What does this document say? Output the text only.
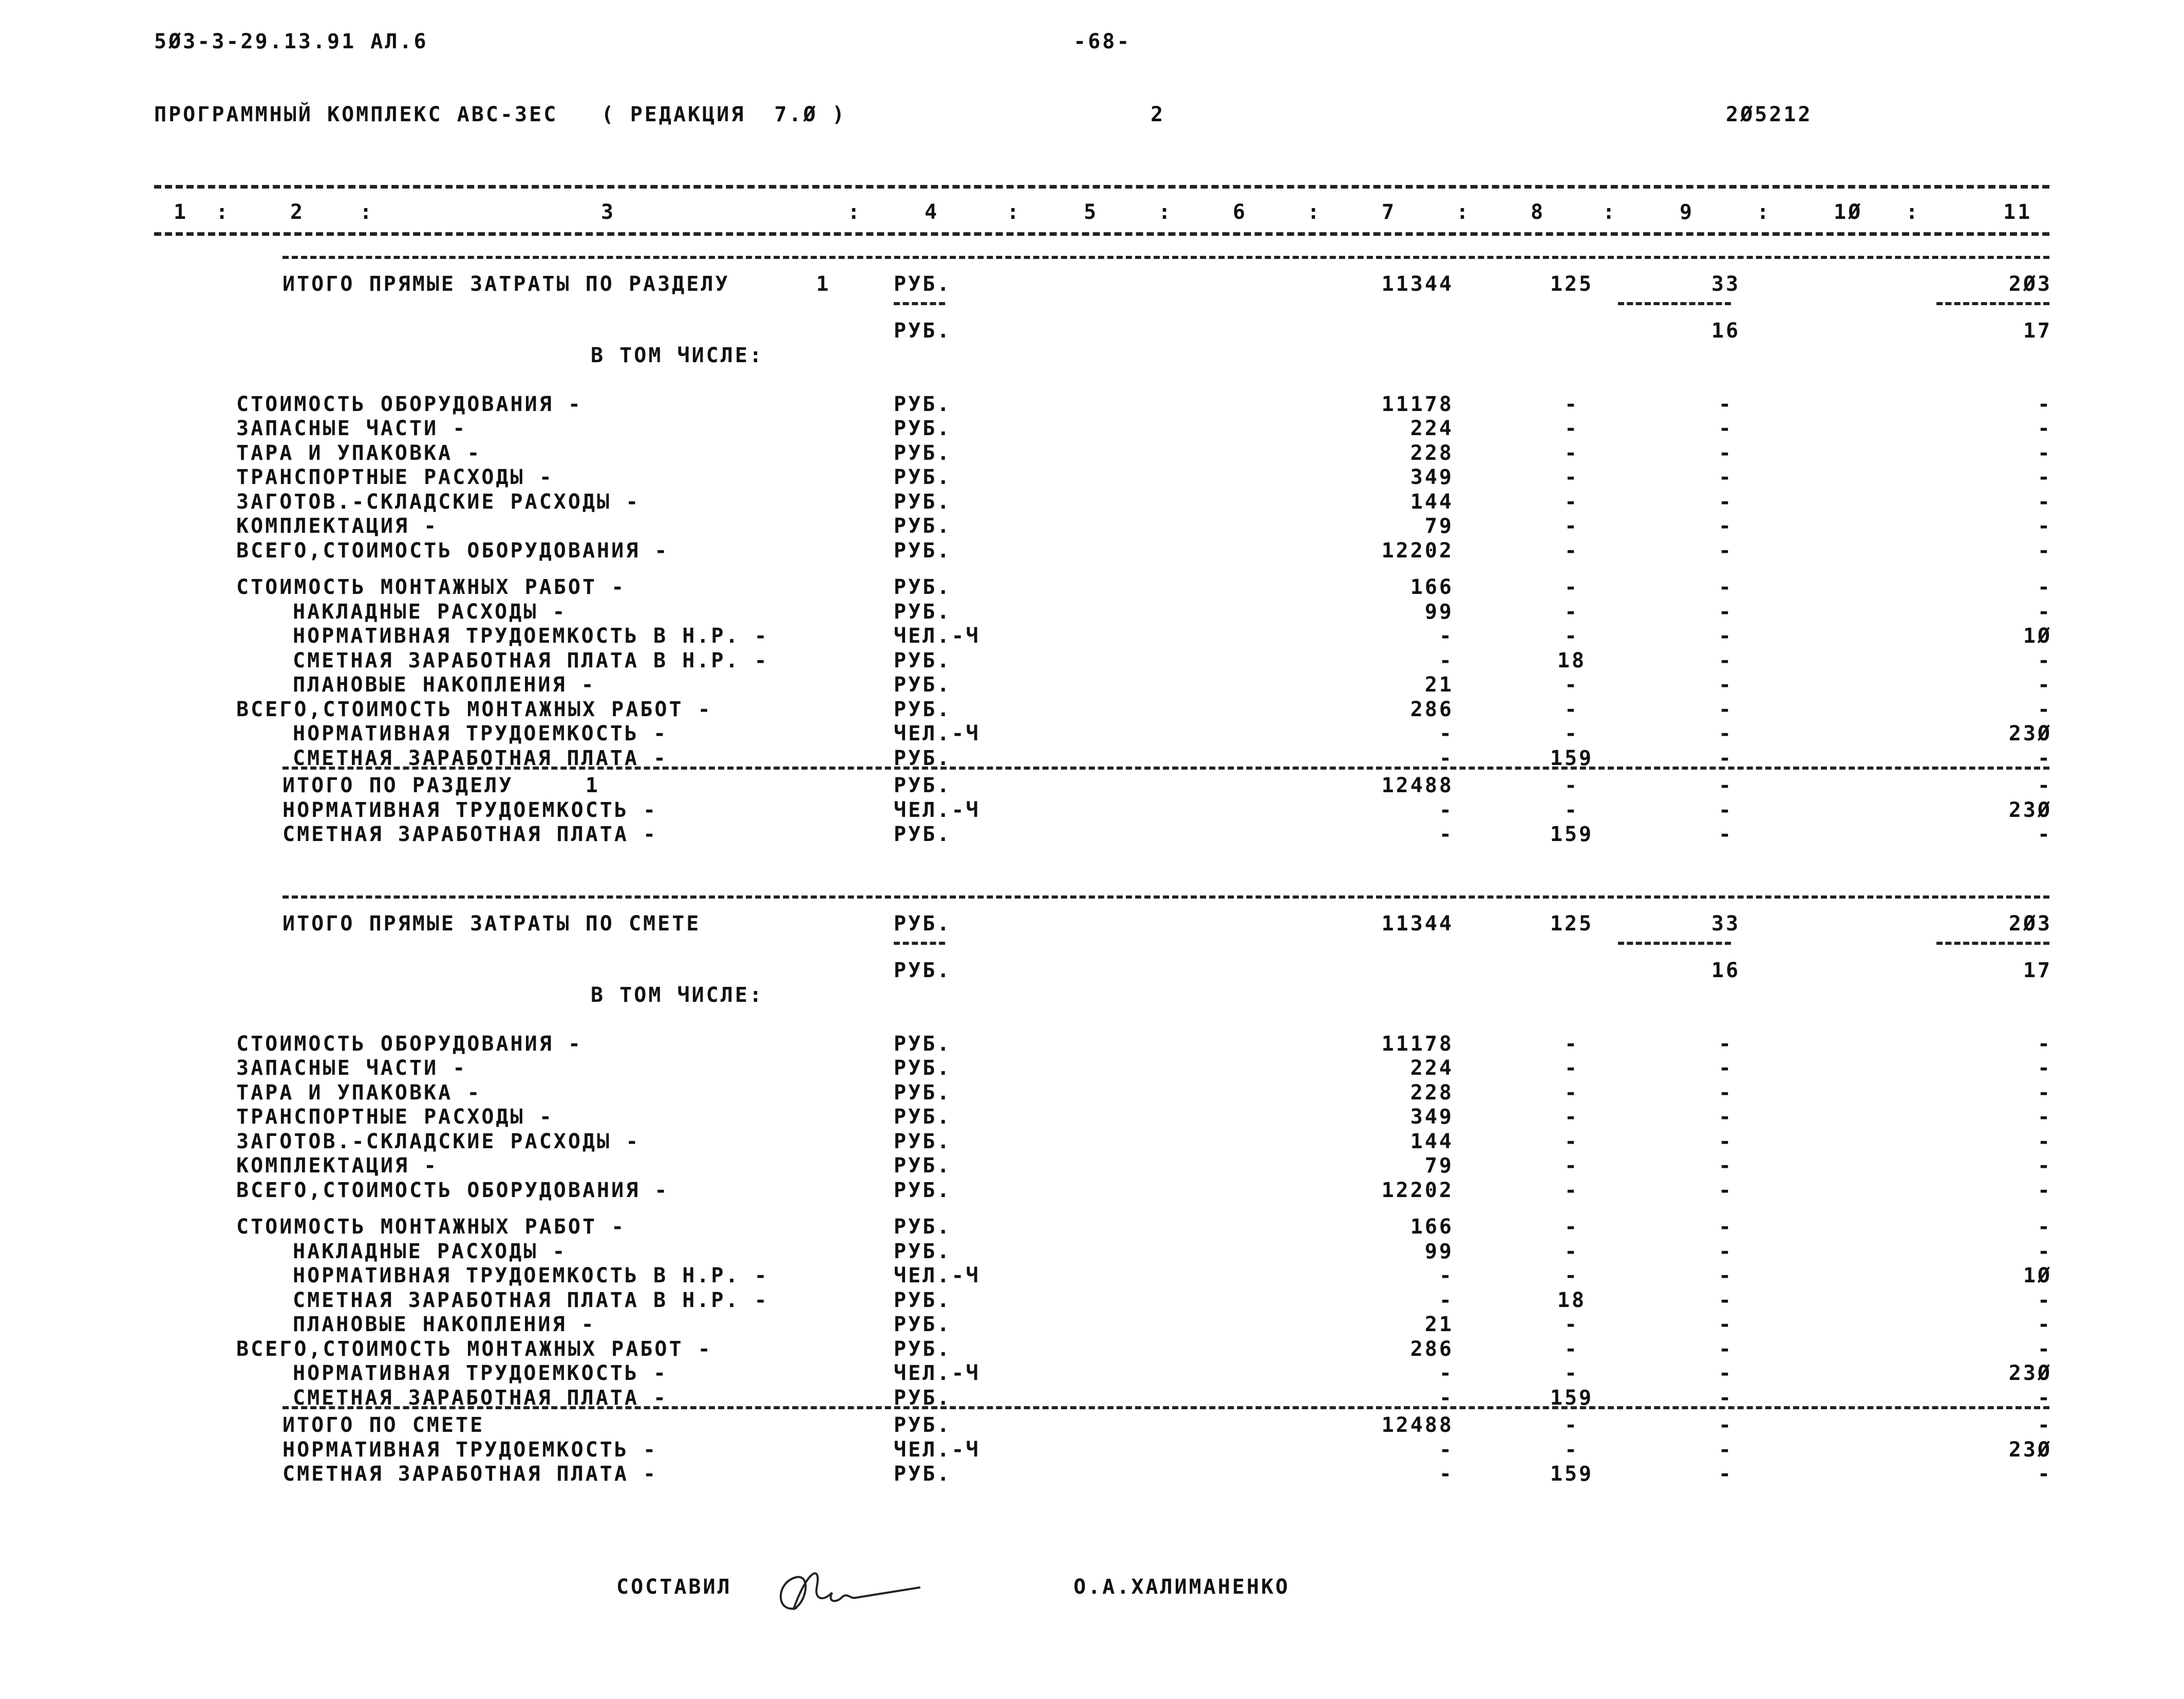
5Ø3-3-29.13.91 АЛ.6	-68-
ПРОГРАММНЫЙ КОМПЛЕКС АВС-3ЕС   ( РЕДАКЦИЯ  7.Ø )	2	2Ø5212
1	2	3	4	5	6	7	8	9	1Ø	11
:	:	:	:	:	:	:	:	:	:
ИТОГО ПРЯМЫЕ ЗАТРАТЫ ПО РАЗДЕЛУ      1	РУБ.	11344	125	33	2Ø3
РУБ.	16	17
В ТОМ ЧИСЛЕ:
СТОИМОСТЬ ОБОРУДОВАНИЯ -	РУБ.	11178	-	-	-
ЗАПАСНЫЕ ЧАСТИ -	РУБ.	224	-	-	-
ТАРА И УПАКОВКА -	РУБ.	228	-	-	-
ТРАНСПОРТНЫЕ РАСХОДЫ -	РУБ.	349	-	-	-
ЗАГОТОВ.-СКЛАДСКИЕ РАСХОДЫ -	РУБ.	144	-	-	-
КОМПЛЕКТАЦИЯ -	РУБ.	79	-	-	-
ВСЕГО,СТОИМОСТЬ ОБОРУДОВАНИЯ -	РУБ.	12202	-	-	-
СТОИМОСТЬ МОНТАЖНЫХ РАБОТ -	РУБ.	166	-	-	-
НАКЛАДНЫЕ РАСХОДЫ -	РУБ.	99	-	-	-
НОРМАТИВНАЯ ТРУДОЕМКОСТЬ В Н.Р. -	ЧЕЛ.-Ч	-	-	-	1Ø
СМЕТНАЯ ЗАРАБОТНАЯ ПЛАТА В Н.Р. -	РУБ.	-	18	-	-
ПЛАНОВЫЕ НАКОПЛЕНИЯ -	РУБ.	21	-	-	-
ВСЕГО,СТОИМОСТЬ МОНТАЖНЫХ РАБОТ -	РУБ.	286	-	-	-
НОРМАТИВНАЯ ТРУДОЕМКОСТЬ -	ЧЕЛ.-Ч	-	-	-	23Ø
СМЕТНАЯ ЗАРАБОТНАЯ ПЛАТА -	РУБ.	-	159	-	-
ИТОГО ПО РАЗДЕЛУ     1	РУБ.	12488	-	-	-
НОРМАТИВНАЯ ТРУДОЕМКОСТЬ -	ЧЕЛ.-Ч	-	-	-	23Ø
СМЕТНАЯ ЗАРАБОТНАЯ ПЛАТА -	РУБ.	-	159	-	-
ИТОГО ПРЯМЫЕ ЗАТРАТЫ ПО СМЕТЕ	РУБ.	11344	125	33	2Ø3
РУБ.	16	17
В ТОМ ЧИСЛЕ:
СТОИМОСТЬ ОБОРУДОВАНИЯ -	РУБ.	11178	-	-	-
ЗАПАСНЫЕ ЧАСТИ -	РУБ.	224	-	-	-
ТАРА И УПАКОВКА -	РУБ.	228	-	-	-
ТРАНСПОРТНЫЕ РАСХОДЫ -	РУБ.	349	-	-	-
ЗАГОТОВ.-СКЛАДСКИЕ РАСХОДЫ -	РУБ.	144	-	-	-
КОМПЛЕКТАЦИЯ -	РУБ.	79	-	-	-
ВСЕГО,СТОИМОСТЬ ОБОРУДОВАНИЯ -	РУБ.	12202	-	-	-
СТОИМОСТЬ МОНТАЖНЫХ РАБОТ -	РУБ.	166	-	-	-
НАКЛАДНЫЕ РАСХОДЫ -	РУБ.	99	-	-	-
НОРМАТИВНАЯ ТРУДОЕМКОСТЬ В Н.Р. -	ЧЕЛ.-Ч	-	-	-	1Ø
СМЕТНАЯ ЗАРАБОТНАЯ ПЛАТА В Н.Р. -	РУБ.	-	18	-	-
ПЛАНОВЫЕ НАКОПЛЕНИЯ -	РУБ.	21	-	-	-
ВСЕГО,СТОИМОСТЬ МОНТАЖНЫХ РАБОТ -	РУБ.	286	-	-	-
НОРМАТИВНАЯ ТРУДОЕМКОСТЬ -	ЧЕЛ.-Ч	-	-	-	23Ø
СМЕТНАЯ ЗАРАБОТНАЯ ПЛАТА -	РУБ.	-	159	-	-
ИТОГО ПО СМЕТЕ	РУБ.	12488	-	-	-
НОРМАТИВНАЯ ТРУДОЕМКОСТЬ -	ЧЕЛ.-Ч	-	-	-	23Ø
СМЕТНАЯ ЗАРАБОТНАЯ ПЛАТА -	РУБ.	-	159	-	-
СОСТАВИЛ	О.А.ХАЛИМАНЕНКО
